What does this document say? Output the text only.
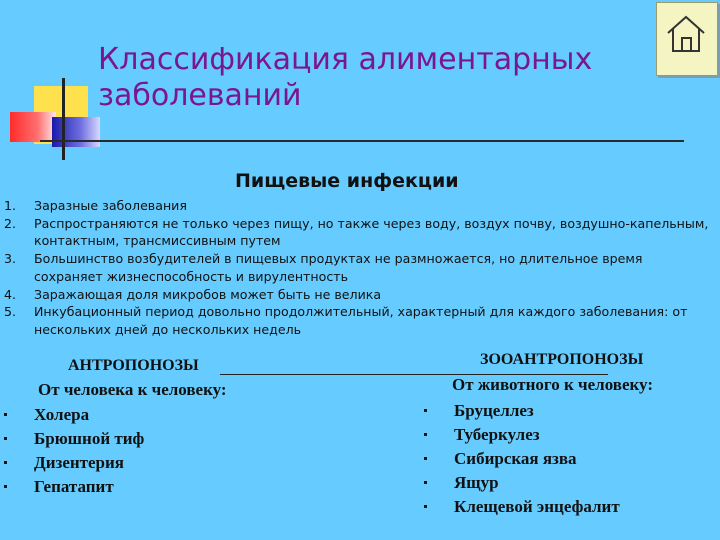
Классификация алиментарных заболеваний
Пищевые инфекции
1. Заразные заболевания
2. Распространяются не только через пищу, но также через воду, воздух почву, воздушно-капельным, контактным, трансмиссивным путем
3. Большинство возбудителей в пищевых продуктах не размножается, но длительное время сохраняет жизнеспособность и вирулентность
4. Заражающая доля микробов может быть не велика
5. Инкубационный период довольно продолжительный, характерный для каждого заболевания: от нескольких дней до нескольких недель
АНТРОПОНОЗЫ	ЗООАНТРОПОНОЗЫ
От человека к человеку:	От животного к человеку:
Холера
Брюшной тиф
Дизентерия
Гепатапит
Бруцеллез
Туберкулез
Сибирская язва
Ящур
Клещевой энцефалит
